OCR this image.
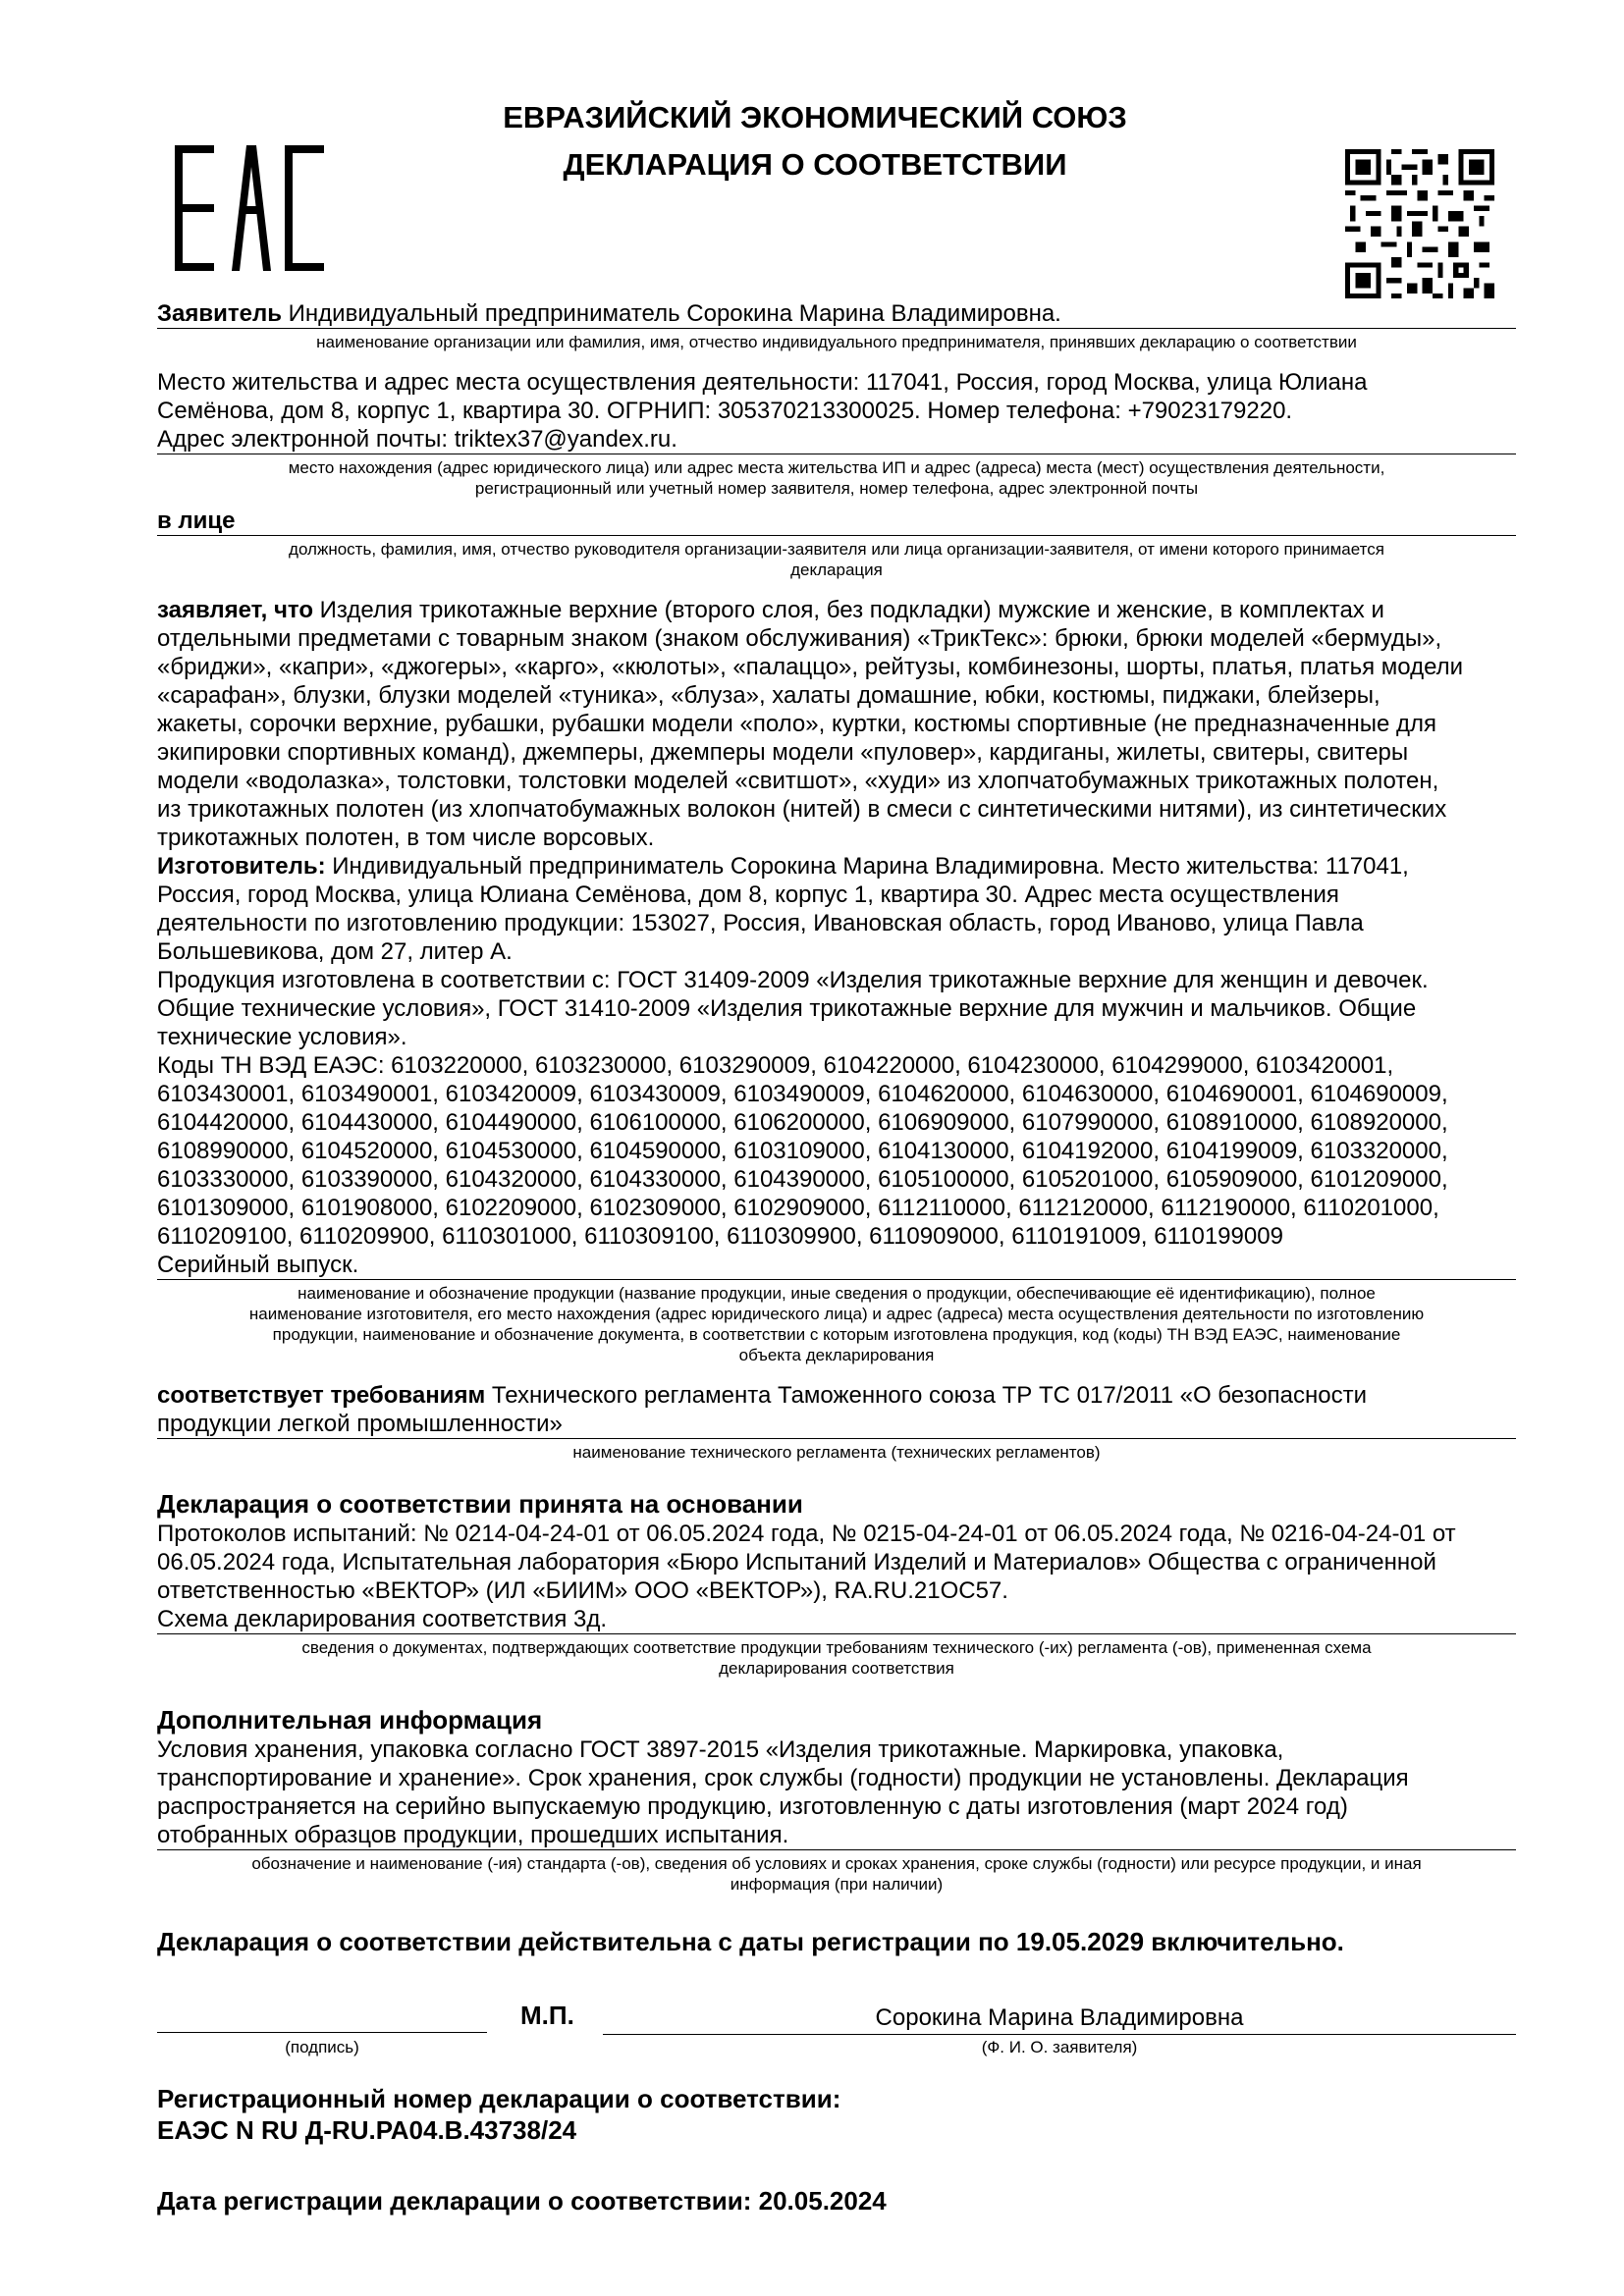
ЕВРАЗИЙСКИЙ ЭКОНОМИЧЕСКИЙ СОЮЗ
ДЕКЛАРАЦИЯ О СООТВЕТСТВИИ
Заявитель Индивидуальный предприниматель Сорокина Марина Владимировна.
наименование организации или фамилия, имя, отчество индивидуального предпринимателя, принявших декларацию о соответствии
Место жительства и адрес места осуществления деятельности: 117041, Россия, город Москва, улица Юлиана
Семёнова, дом 8, корпус 1, квартира 30. ОГРНИП: 305370213300025. Номер телефона: +79023179220.
Адрес электронной почты: triktex37@yandex.ru.
место нахождения (адрес юридического лица) или адрес места жительства ИП и адрес (адреса) места (мест) осуществления деятельности,
регистрационный или учетный номер заявителя, номер телефона, адрес электронной почты
в лице
должность, фамилия, имя, отчество руководителя организации-заявителя или лица организации-заявителя, от имени которого принимается
декларация
заявляет, что Изделия трикотажные верхние (второго слоя, без подкладки) мужские и женские, в комплектах и
отдельными предметами с товарным знаком (знаком обслуживания) «ТрикТекс»: брюки, брюки моделей «бермуды»,
«бриджи», «капри», «джогеры», «карго», «кюлоты», «палаццо», рейтузы, комбинезоны, шорты, платья, платья модели
«сарафан», блузки, блузки моделей «туника», «блуза», халаты домашние, юбки, костюмы, пиджаки, блейзеры,
жакеты, сорочки верхние, рубашки, рубашки модели «поло», куртки, костюмы спортивные (не предназначенные для
экипировки спортивных команд), джемперы, джемперы модели «пуловер», кардиганы, жилеты, свитеры, свитеры
модели «водолазка», толстовки, толстовки моделей «свитшот», «худи» из хлопчатобумажных трикотажных полотен,
из трикотажных полотен (из хлопчатобумажных волокон (нитей) в смеси с синтетическими нитями), из синтетических
трикотажных полотен, в том числе ворсовых.
Изготовитель: Индивидуальный предприниматель Сорокина Марина Владимировна. Место жительства: 117041,
Россия, город Москва, улица Юлиана Семёнова, дом 8, корпус 1, квартира 30. Адрес места осуществления
деятельности по изготовлению продукции: 153027, Россия, Ивановская область, город Иваново, улица Павла
Большевикова, дом 27, литер А.
Продукция изготовлена в соответствии с: ГОСТ 31409-2009 «Изделия трикотажные верхние для женщин и девочек.
Общие технические условия», ГОСТ 31410-2009 «Изделия трикотажные верхние для мужчин и мальчиков. Общие
технические условия».
Коды ТН ВЭД ЕАЭС: 6103220000, 6103230000, 6103290009, 6104220000, 6104230000, 6104299000, 6103420001,
6103430001, 6103490001, 6103420009, 6103430009, 6103490009, 6104620000, 6104630000, 6104690001, 6104690009,
6104420000, 6104430000, 6104490000, 6106100000, 6106200000, 6106909000, 6107990000, 6108910000, 6108920000,
6108990000, 6104520000, 6104530000, 6104590000, 6103109000, 6104130000, 6104192000, 6104199009, 6103320000,
6103330000, 6103390000, 6104320000, 6104330000, 6104390000, 6105100000, 6105201000, 6105909000, 6101209000,
6101309000, 6101908000, 6102209000, 6102309000, 6102909000, 6112110000, 6112120000, 6112190000, 6110201000,
6110209100, 6110209900, 6110301000, 6110309100, 6110309900, 6110909000, 6110191009, 6110199009
Серийный выпуск.
наименование и обозначение продукции (название продукции, иные сведения о продукции, обеспечивающие её идентификацию), полное
наименование изготовителя, его место нахождения (адрес юридического лица) и адрес (адреса) места осуществления деятельности по изготовлению
продукции, наименование и обозначение документа, в соответствии с которым изготовлена продукция, код (коды) ТН ВЭД ЕАЭС, наименование
объекта декларирования
соответствует требованиям Технического регламента Таможенного союза ТР ТС 017/2011 «О безопасности
продукции легкой промышленности»
наименование технического регламента (технических регламентов)
Декларация о соответствии принята на основании
Протоколов испытаний: № 0214-04-24-01 от 06.05.2024 года, № 0215-04-24-01 от 06.05.2024 года, № 0216-04-24-01 от
06.05.2024 года, Испытательная лаборатория «Бюро Испытаний Изделий и Материалов» Общества с ограниченной
ответственностью «ВЕКТОР» (ИЛ «БИИМ» ООО «ВЕКТОР»), RA.RU.21ОС57.
Схема декларирования соответствия 3д.
сведения о документах, подтверждающих соответствие продукции требованиям технического (-их) регламента (-ов), примененная схема
декларирования соответствия
Дополнительная информация
Условия хранения, упаковка согласно ГОСТ 3897-2015 «Изделия трикотажные. Маркировка, упаковка,
транспортирование и хранение». Срок хранения, срок службы (годности) продукции не установлены. Декларация
распространяется на серийно выпускаемую продукцию, изготовленную с даты изготовления (март 2024 год)
отобранных образцов продукции, прошедших испытания.
обозначение и наименование (-ия) стандарта (-ов), сведения об условиях и сроках хранения, сроке службы (годности) или ресурсе продукции, и иная
информация (при наличии)
Декларация о соответствии действительна с даты регистрации по 19.05.2029 включительно.
М.П.	Сорокина Марина Владимировна
(подпись)	(Ф. И. О. заявителя)
Регистрационный номер декларации о соответствии:
ЕАЭС N RU Д-RU.РА04.В.43738/24
Дата регистрации декларации о соответствии: 20.05.2024
